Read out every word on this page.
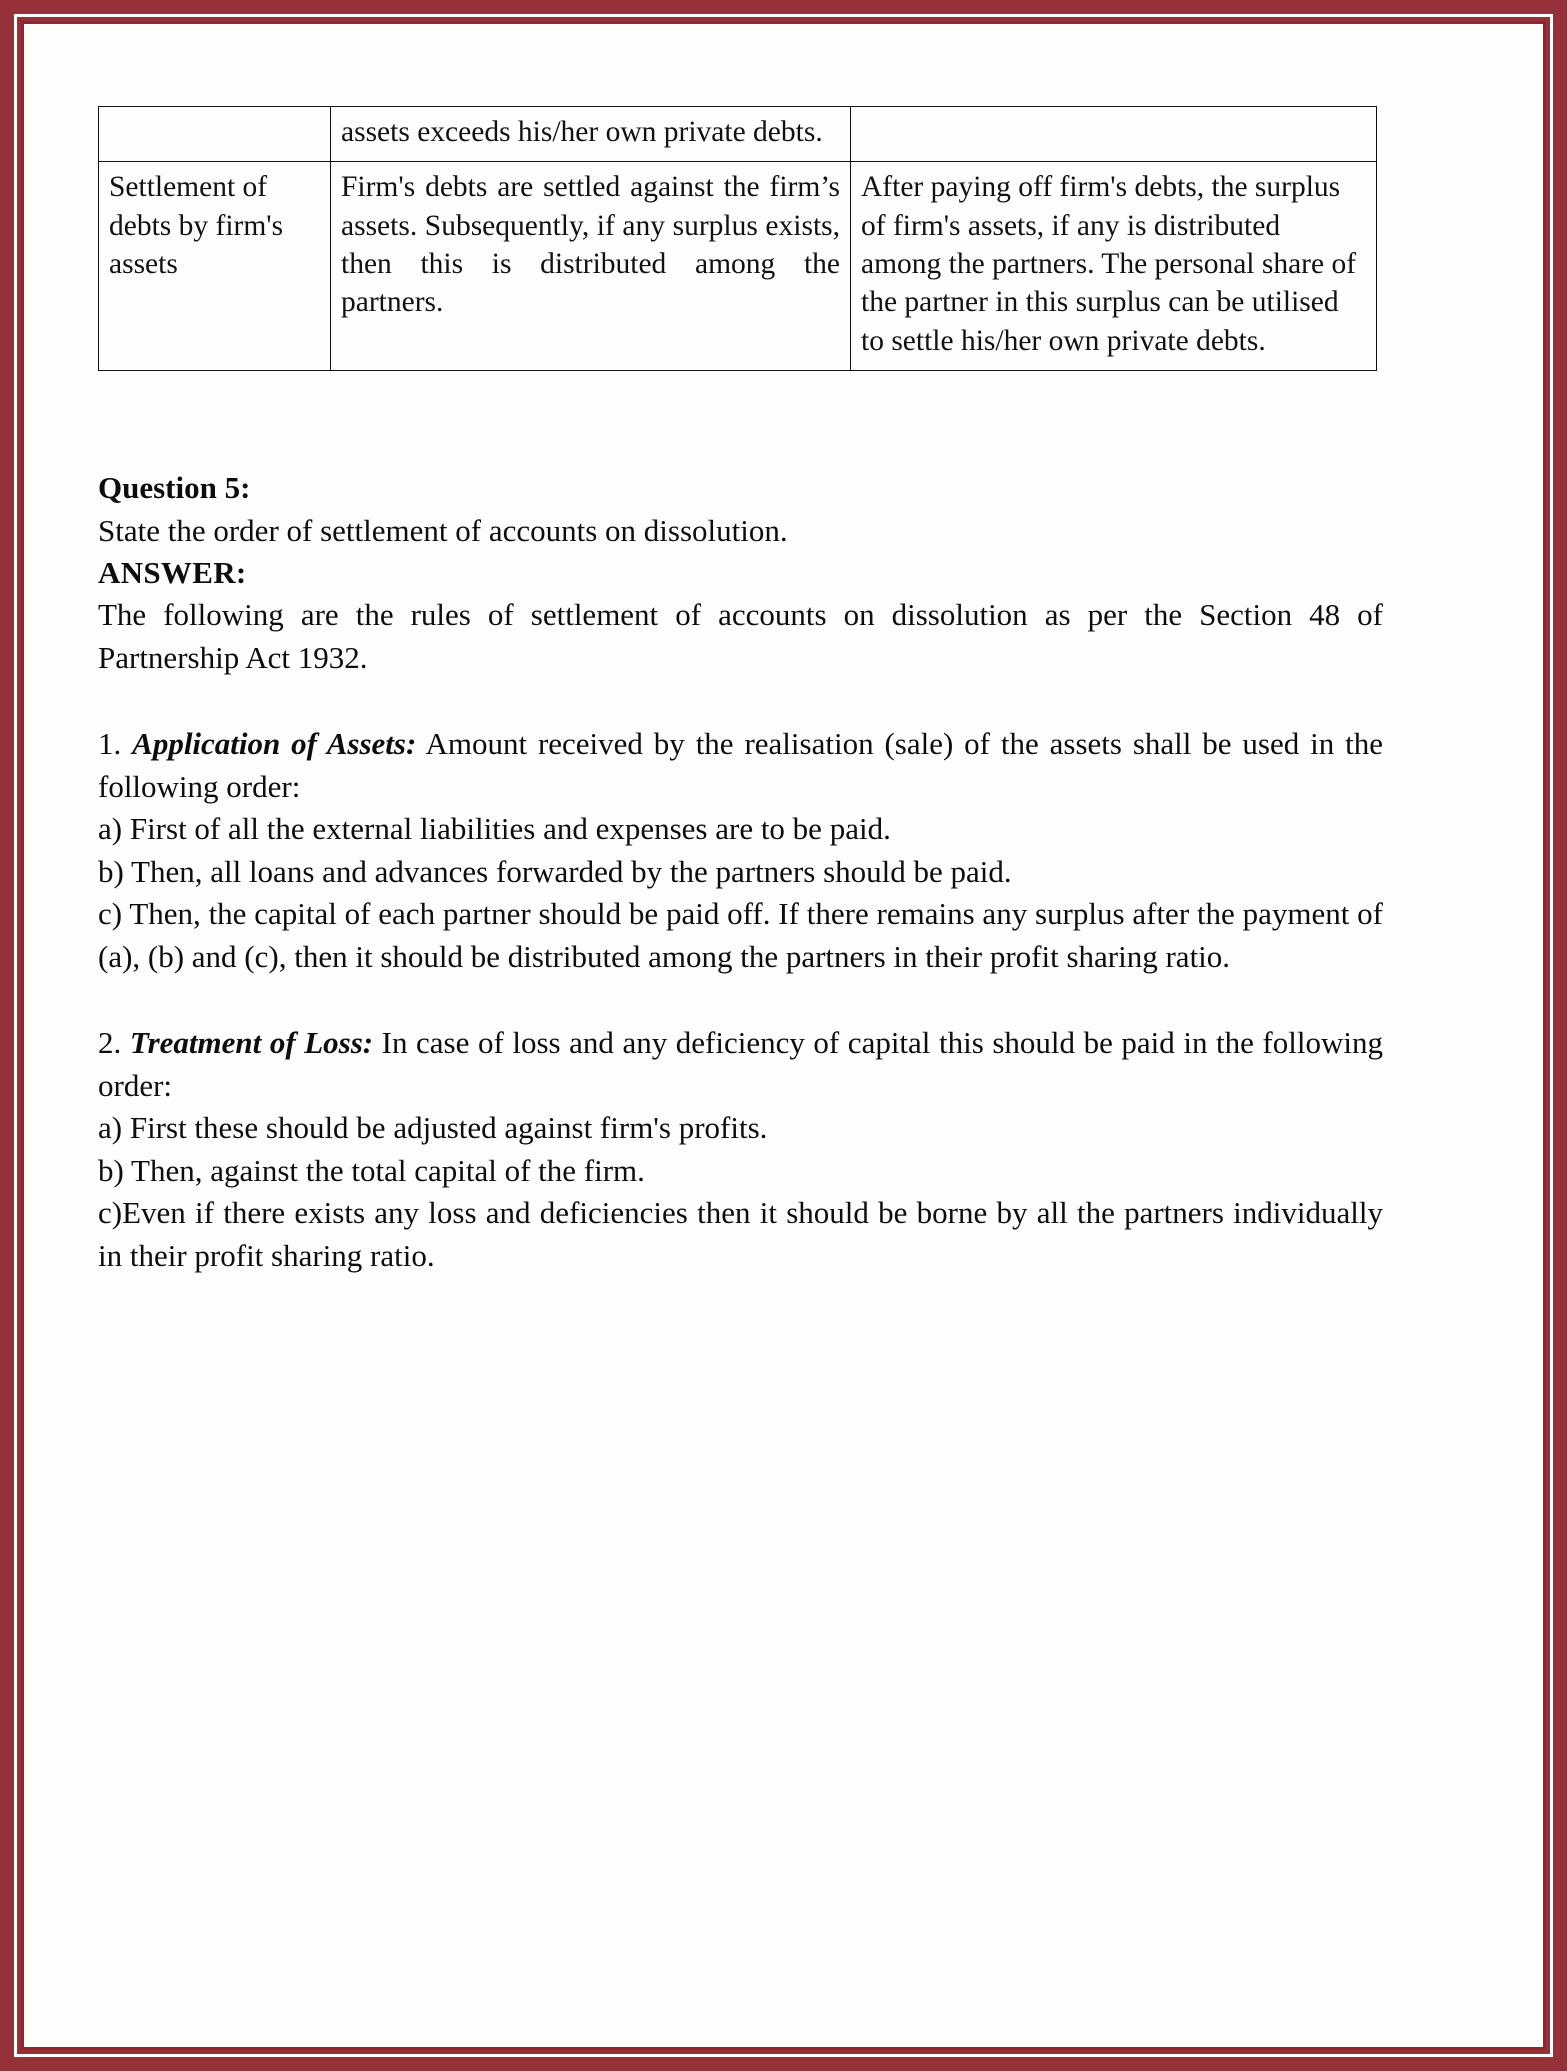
	assets exceeds his/her own private debts.	
Settlement of debts by firm's assets	Firm's debts are settled against the firm’s assets. Subsequently, if any surplus exists, then this is distributed among the partners.	After paying off firm's debts, the surplus of firm's assets, if any is distributed among the partners. The personal share of the partner in this surplus can be utilised to settle his/her own private debts.

Question 5:

State the order of settlement of accounts on dissolution.

ANSWER:

The following are the rules of settlement of accounts on dissolution as per the Section 48 of Partnership Act 1932.

1. Application of Assets: Amount received by the realisation (sale) of the assets shall be used in the following order:

a) First of all the external liabilities and expenses are to be paid.

b) Then, all loans and advances forwarded by the partners should be paid.

c) Then, the capital of each partner should be paid off. If there remains any surplus after the payment of (a), (b) and (c), then it should be distributed among the partners in their profit sharing ratio.

2. Treatment of Loss: In case of loss and any deficiency of capital this should be paid in the following order:

a) First these should be adjusted against firm's profits.

b) Then, against the total capital of the firm.

c)Even if there exists any loss and deficiencies then it should be borne by all the partners individually in their profit sharing ratio.
